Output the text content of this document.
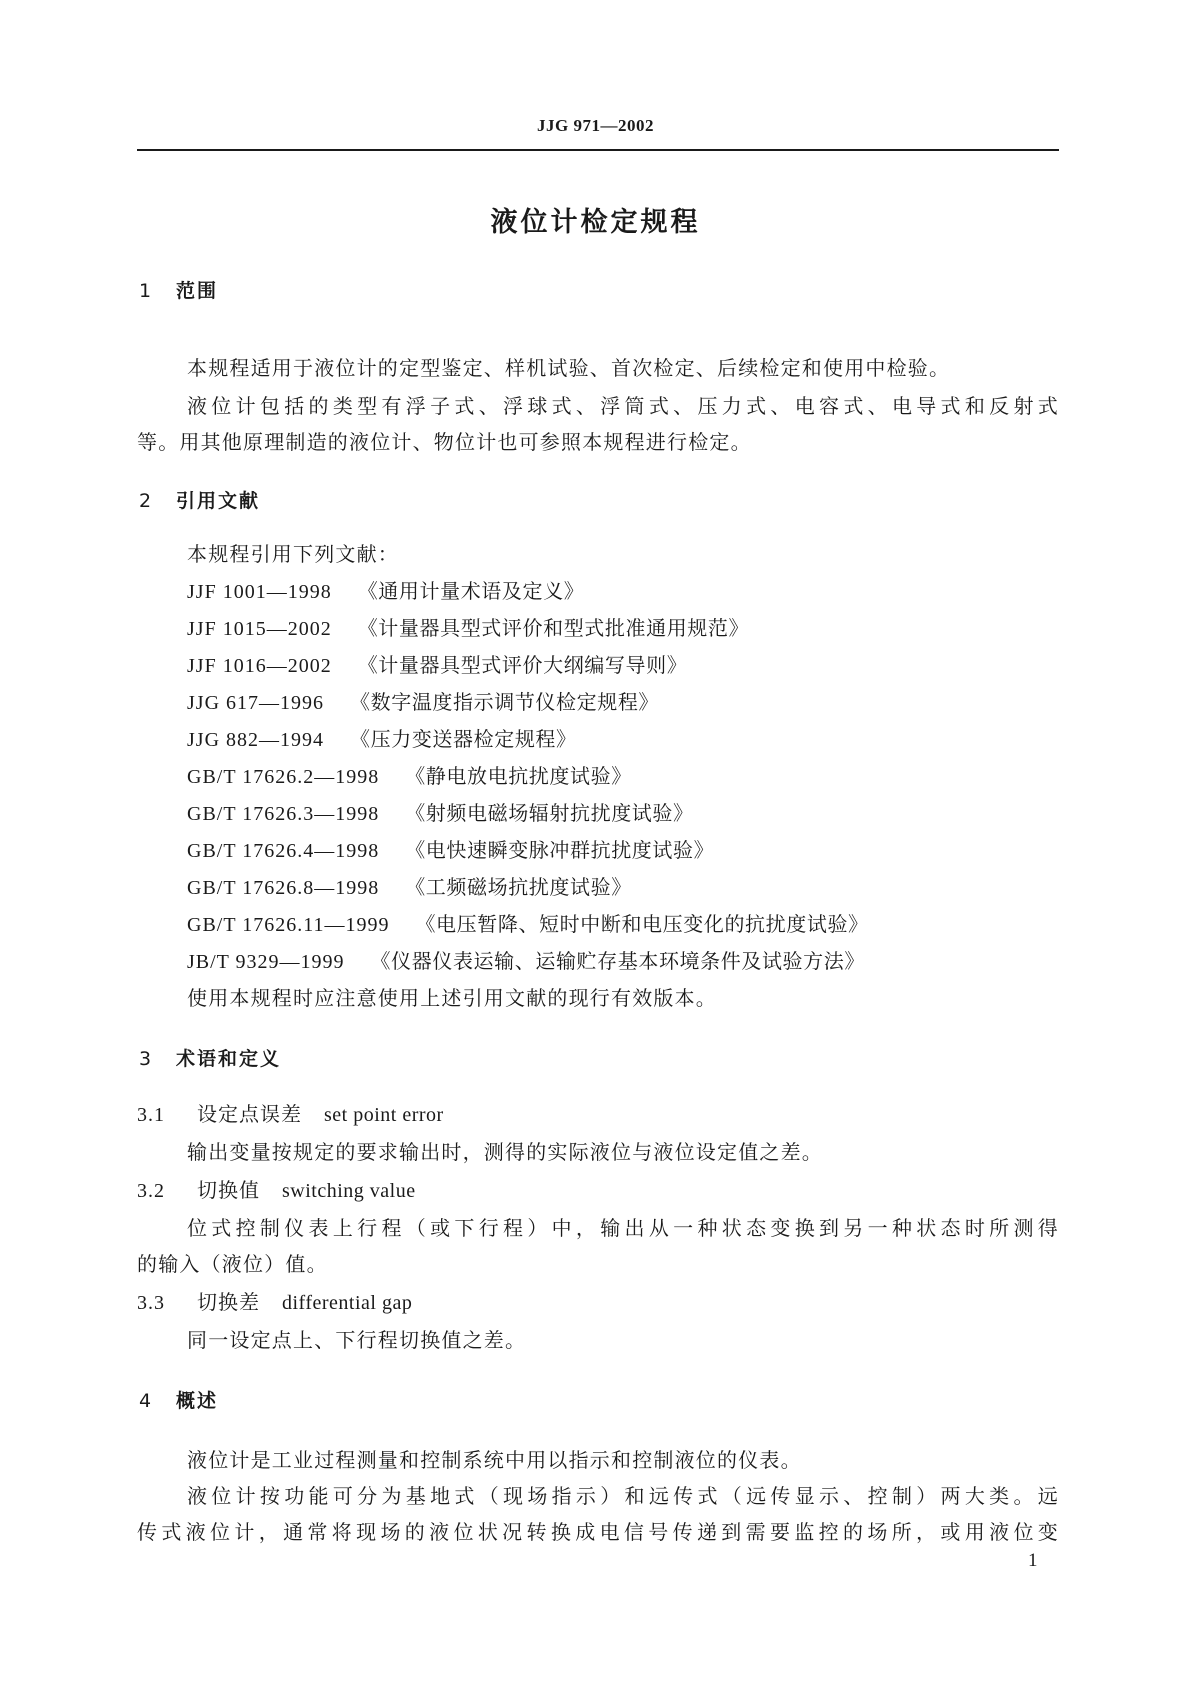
JJG 971—2002
液位计检定规程
1 范围
本规程适用于液位计的定型鉴定、样机试验、首次检定、后续检定和使用中检验。
液位计包括的类型有浮子式、浮球式、浮筒式、压力式、电容式、电导式和反射式
等。用其他原理制造的液位计、物位计也可参照本规程进行检定。
2 引用文献
本规程引用下列文献：
JJF 1001—1998 《通用计量术语及定义》
JJF 1015—2002 《计量器具型式评价和型式批准通用规范》
JJF 1016—2002 《计量器具型式评价大纲编写导则》
JJG 617—1996 《数字温度指示调节仪检定规程》
JJG 882—1994 《压力变送器检定规程》
GB/T 17626.2—1998 《静电放电抗扰度试验》
GB/T 17626.3—1998 《射频电磁场辐射抗扰度试验》
GB/T 17626.4—1998 《电快速瞬变脉冲群抗扰度试验》
GB/T 17626.8—1998 《工频磁场抗扰度试验》
GB/T 17626.11—1999 《电压暂降、短时中断和电压变化的抗扰度试验》
JB/T 9329—1999 《仪器仪表运输、运输贮存基本环境条件及试验方法》
使用本规程时应注意使用上述引用文献的现行有效版本。
3 术语和定义
3.1 设定点误差 set point error
输出变量按规定的要求输出时，测得的实际液位与液位设定值之差。
3.2 切换值 switching value
位式控制仪表上行程（或下行程）中，输出从一种状态变换到另一种状态时所测得
的输入（液位）值。
3.3 切换差 differential gap
同一设定点上、下行程切换值之差。
4 概述
液位计是工业过程测量和控制系统中用以指示和控制液位的仪表。
液位计按功能可分为基地式（现场指示）和远传式（远传显示、控制）两大类。远
传式液位计，通常将现场的液位状况转换成电信号传递到需要监控的场所，或用液位变
1
